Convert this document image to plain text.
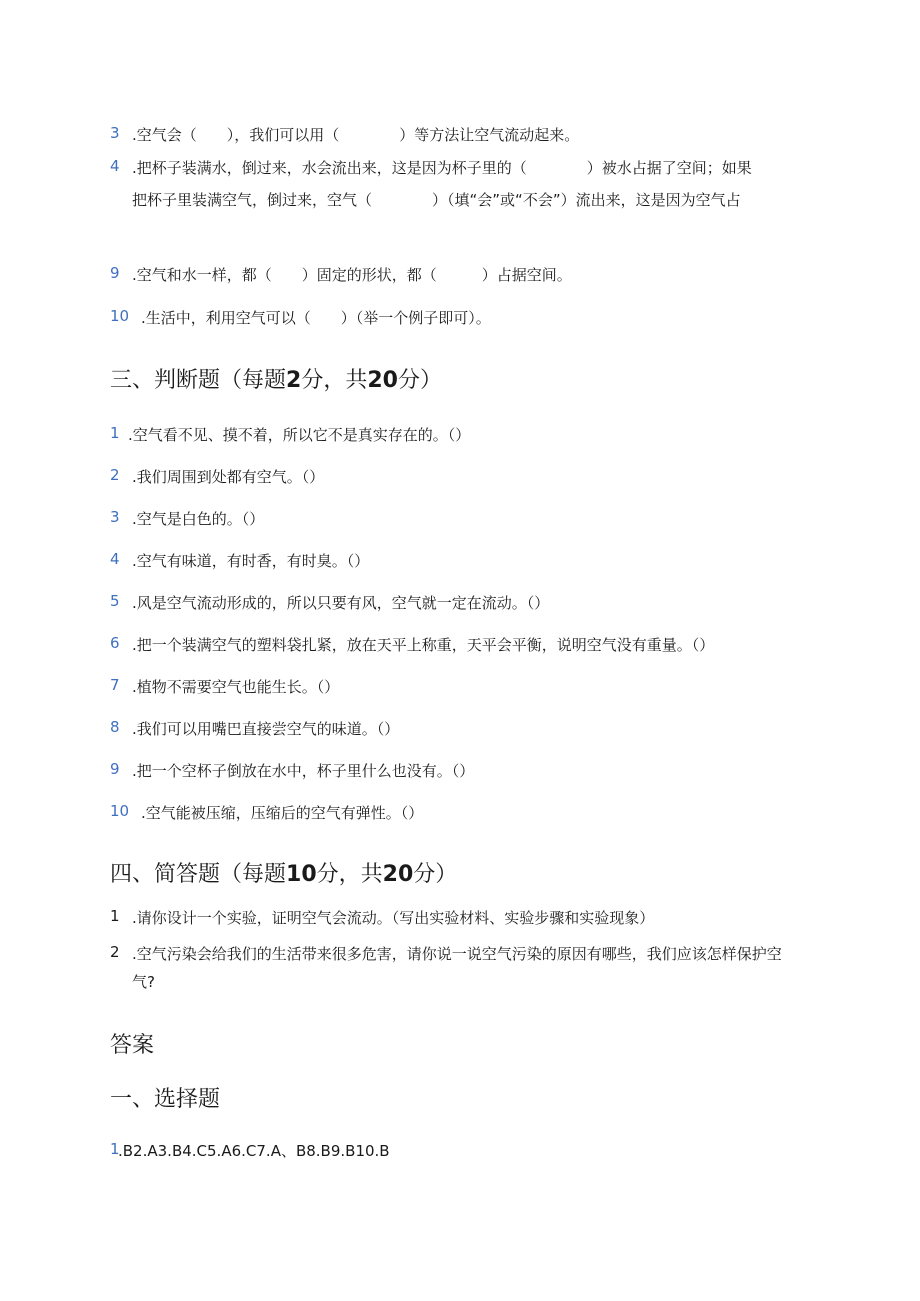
3 .空气会（  ），我们可以用（    ）等方法让空气流动起来。
4 .把杯子装满水，倒过来，水会流出来，这是因为杯子里的（    ）被水占据了空间；如果
把杯子里装满空气，倒过来，空气（    ）（填“会”或“不会”）流出来，这是因为空气占
9 .空气和水一样，都（  ）固定的形状，都（   ）占据空间。
10 .生活中，利用空气可以（  ）（举一个例子即可）。
三、判断题（每题2分，共20分）
1 .空气看不见、摸不着，所以它不是真实存在的。（）
2 .我们周围到处都有空气。（）
3 .空气是白色的。（）
4 .空气有味道，有时香，有时臭。（）
5 .风是空气流动形成的，所以只要有风，空气就一定在流动。（）
6 .把一个装满空气的塑料袋扎紧，放在天平上称重，天平会平衡，说明空气没有重量。（）
7 .植物不需要空气也能生长。（）
8 .我们可以用嘴巴直接尝空气的味道。（）
9 .把一个空杯子倒放在水中，杯子里什么也没有。（）
10 .空气能被压缩，压缩后的空气有弹性。（）
四、简答题（每题10分，共20分）
1 .请你设计一个实验，证明空气会流动。（写出实验材料、实验步骤和实验现象）
2 .空气污染会给我们的生活带来很多危害，请你说一说空气污染的原因有哪些，我们应该怎样保护空
气?
答案
一、选择题
1
.B2.A3.B4.C5.A6.C7.A、B8.B9.B10.B
